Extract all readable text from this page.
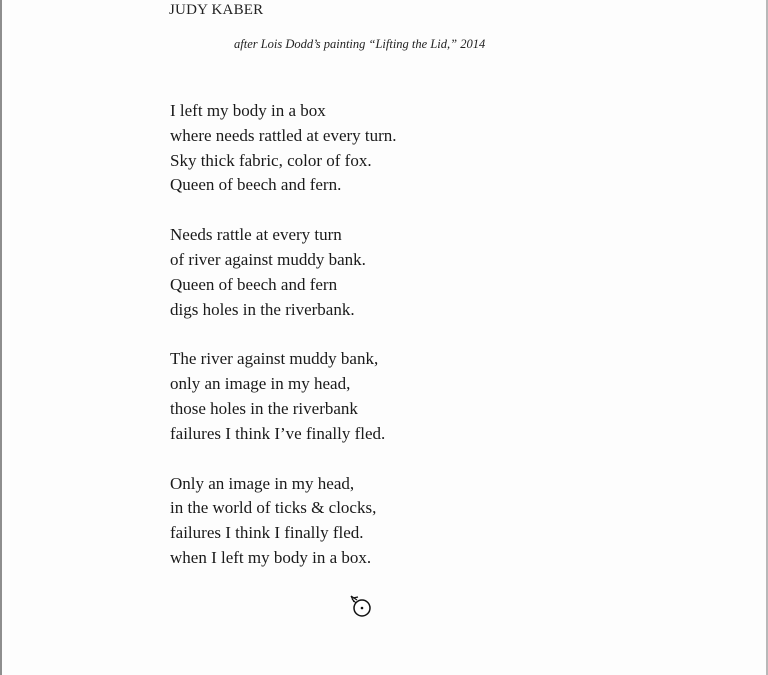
JUDY KABER
after Lois Dodd’s painting “Lifting the Lid,” 2014
I left my body in a box
where needs rattled at every turn.
Sky thick fabric, color of fox.
Queen of beech and fern.
Needs rattle at every turn
of river against muddy bank.
Queen of beech and fern
digs holes in the riverbank.
The river against muddy bank,
only an image in my head,
those holes in the riverbank
failures I think I’ve finally fled.
Only an image in my head,
in the world of ticks & clocks,
failures I think I finally fled.
when I left my body in a box.
